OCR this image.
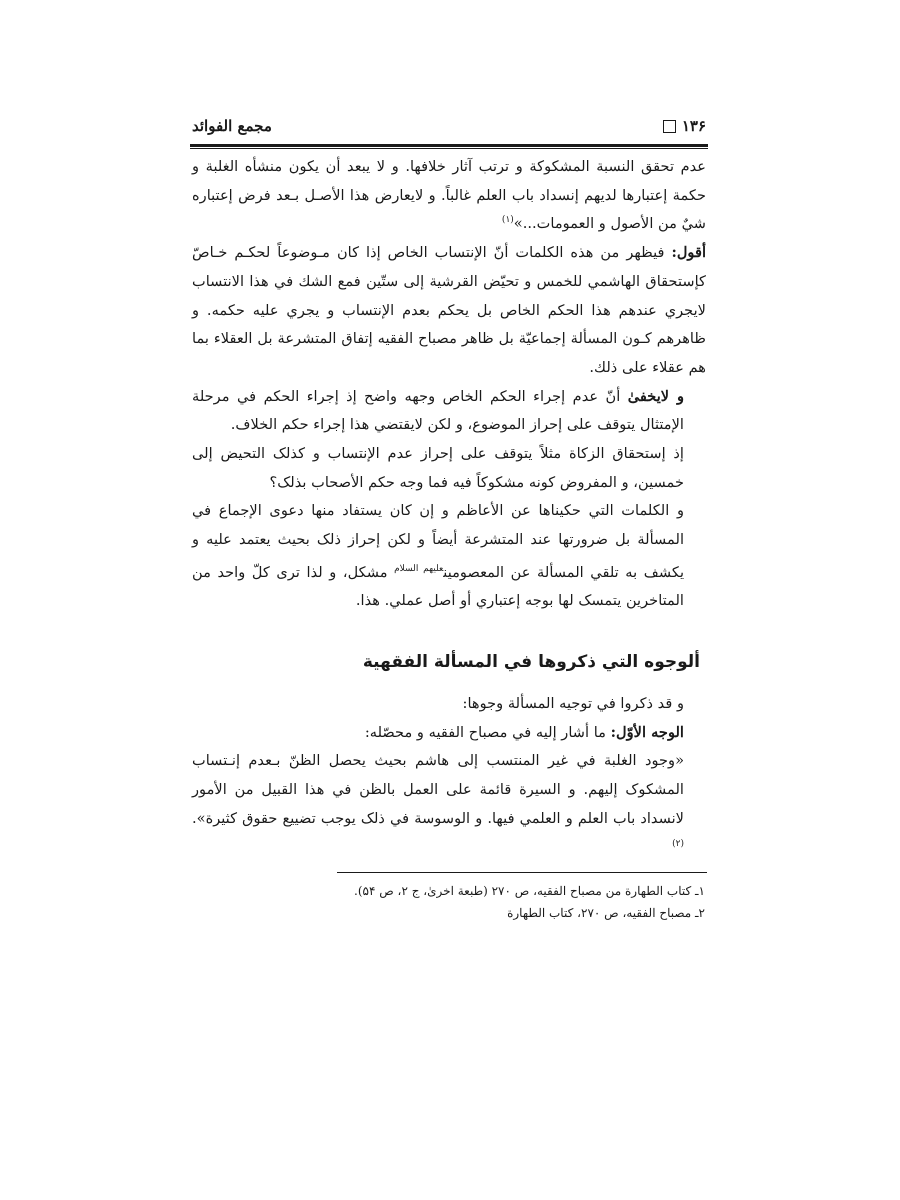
١٣۶
مجمع الفوائد

عدم تحقق النسبة المشكوكة و ترتب آثار خلافها. و لا يبعد أن يكون منشأه الغلبة و حكمة إعتبارها لديهم إنسداد باب العلم غالباً. و لايعارض هذا الأصـل بـعد فرض إعتباره شيٌ من الأصول و العمومات...»$^{(١)}$

أقول: فيظهر من هذه الكلمات أنّ الإنتساب الخاص إذا كان مـوضوعاً لحكـم خـاصّ كإستحقاق الهاشمي للخمس و تحيّض القرشية إلى ستّين فمع الشك في هذا الانتساب لايجري عندهم هذا الحكم الخاص بل يحكم بعدم الإنتساب و يجري عليه حكمه. و ظاهرهم كـون المسألة إجماعيّة بل ظاهر مصباح الفقيه إتفاق المتشرعة بل العقلاء بما هم عقلاء على ذلك.

و لايخفىٰ أنّ عدم إجراء الحكم الخاص وجهه واضح إذ إجراء الحكم في مرحلة الإمتثال يتوقف على إحراز الموضوع، و لكن لايقتضي هذا إجراء حكم الخلاف.

إذ إستحقاق الزكاة مثلاً يتوقف على إحراز عدم الإنتساب و كذلک التحيض إلى خمسين، و المفروض كونه مشكوكاً فيه فما وجه حكم الأصحاب بذلک؟

و الكلمات التي حكيناها عن الأعاظم و إن كان يستفاد منها دعوى الإجماع في المسألة بل ضرورتها عند المتشرعة أيضاً و لكن إحراز ذلک بحيث يعتمد عليه و يكشف به تلقي المسألة عن المعصومين$^{عليهم السلام}$ مشكل، و لذا ترى كلّ واحد من المتاخرين يتمسک لها بوجه إعتباري أو أصل عملي. هذا.

ألوجوه التي ذكروها في المسألة الفقهية

و قد ذكروا في توجيه المسألة وجوها:

الوجه الأوّل: ما أشار إليه في مصباح الفقيه و محصّله:

«وجود الغلبة في غير المنتسب إلى هاشم بحيث يحصل الظنّ بـعدم إنـتساب المشكوک إليهم. و السيرة قائمة على العمل بالظن في هذا القبيل من الأمور لانسداد باب العلم و العلمي فيها. و الوسوسة في ذلک يوجب تضييع حقوق كثيرة».$^{(٢)}$

١ـ كتاب الطهارة من مصباح الفقيه، ص ٢٧٠ (طبعة اخرىٰ، ج ٢، ص ۵۴).

٢ـ مصباح الفقيه، ص ٢٧٠، كتاب الطهارة
